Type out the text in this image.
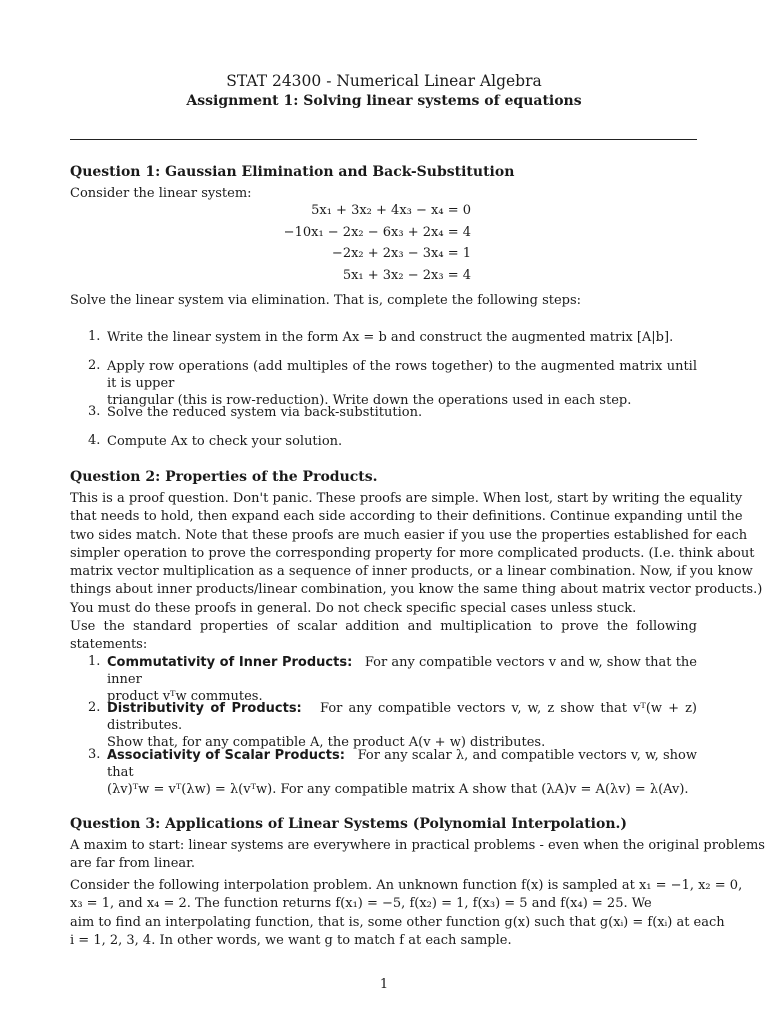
STAT 24300 - Numerical Linear Algebra
Assignment 1: Solving linear systems of equations
Question 1: Gaussian Elimination and Back-Substitution
Consider the linear system:
5x₁ + 3x₂ + 4x₃ − x₄ = 0
−10x₁ − 2x₂ − 6x₃ + 2x₄ = 4
−2x₂ + 2x₃ − 3x₄ = 1
5x₁ + 3x₂ − 2x₃ = 4
Solve the linear system via elimination. That is, complete the following steps:
1. Write the linear system in the form Ax = b and construct the augmented matrix [A|b].
2. Apply row operations (add multiples of the rows together) to the augmented matrix until it is upper
triangular (this is row-reduction). Write down the operations used in each step.
3. Solve the reduced system via back-substitution.
4. Compute Ax to check your solution.
Question 2: Properties of the Products.
This is a proof question. Don't panic. These proofs are simple. When lost, start by writing the equality
that needs to hold, then expand each side according to their definitions. Continue expanding until the
two sides match. Note that these proofs are much easier if you use the properties established for each
simpler operation to prove the corresponding property for more complicated products. (I.e. think about
matrix vector multiplication as a sequence of inner products, or a linear combination. Now, if you know
things about inner products/linear combination, you know the same thing about matrix vector products.)
You must do these proofs in general. Do not check specific special cases unless stuck.
Use the standard properties of scalar addition and multiplication to prove the following statements:
1. Commutativity of Inner Products: For any compatible vectors v and w, show that the inner
product vᵀw commutes.
2. Distributivity of Products: For any compatible vectors v, w, z show that vᵀ(w + z) distributes.
Show that, for any compatible A, the product A(v + w) distributes.
3. Associativity of Scalar Products: For any scalar λ, and compatible vectors v, w, show that
(λv)ᵀw = vᵀ(λw) = λ(vᵀw). For any compatible matrix A show that (λA)v = A(λv) = λ(Av).
Question 3: Applications of Linear Systems (Polynomial Interpolation.)
A maxim to start: linear systems are everywhere in practical problems - even when the original problems
are far from linear.
Consider the following interpolation problem. An unknown function f(x) is sampled at x₁ = −1, x₂ = 0,
x₃ = 1, and x₄ = 2. The function returns f(x₁) = −5, f(x₂) = 1, f(x₃) = 5 and f(x₄) = 25. We
aim to find an interpolating function, that is, some other function g(x) such that g(xᵢ) = f(xᵢ) at each
i = 1, 2, 3, 4. In other words, we want g to match f at each sample.
1
